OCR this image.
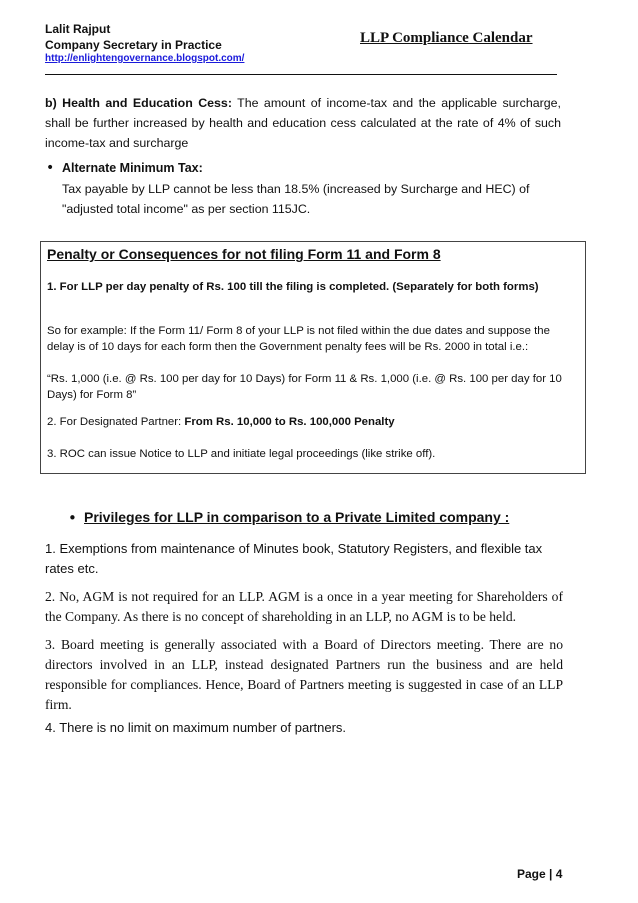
Lalit Rajput
Company Secretary in Practice
http://enlightengovernance.blogspot.com/
LLP Compliance Calendar
b) Health and Education Cess: The amount of income-tax and the applicable surcharge, shall be further increased by health and education cess calculated at the rate of 4% of such income-tax and surcharge
• Alternate Minimum Tax:
Tax payable by LLP cannot be less than 18.5% (increased by Surcharge and HEC) of "adjusted total income" as per section 115JC.
Penalty or Consequences for not filing Form 11 and Form 8
1. For LLP per day penalty of Rs. 100 till the filing is completed. (Separately for both forms)
So for example: If the Form 11/ Form 8 of your LLP is not filed within the due dates and suppose the delay is of 10 days for each form then the Government penalty fees will be Rs. 2000 in total i.e.:
“Rs. 1,000 (i.e. @ Rs. 100 per day for 10 Days) for Form 11 & Rs. 1,000 (i.e. @ Rs. 100 per day for 10 Days) for Form 8”
2. For Designated Partner: From Rs. 10,000 to Rs. 100,000 Penalty
3. ROC can issue Notice to LLP and initiate legal proceedings (like strike off).
• Privileges for LLP in comparison to a Private Limited company :
1. Exemptions from maintenance of Minutes book, Statutory Registers, and flexible tax rates etc.
2. No, AGM is not required for an LLP. AGM is a once in a year meeting for Shareholders of the Company. As there is no concept of shareholding in an LLP, no AGM is to be held.
3. Board meeting is generally associated with a Board of Directors meeting. There are no directors involved in an LLP, instead designated Partners run the business and are held responsible for compliances. Hence, Board of Partners meeting is suggested in case of an LLP firm.
4. There is no limit on maximum number of partners.
Page | 4
